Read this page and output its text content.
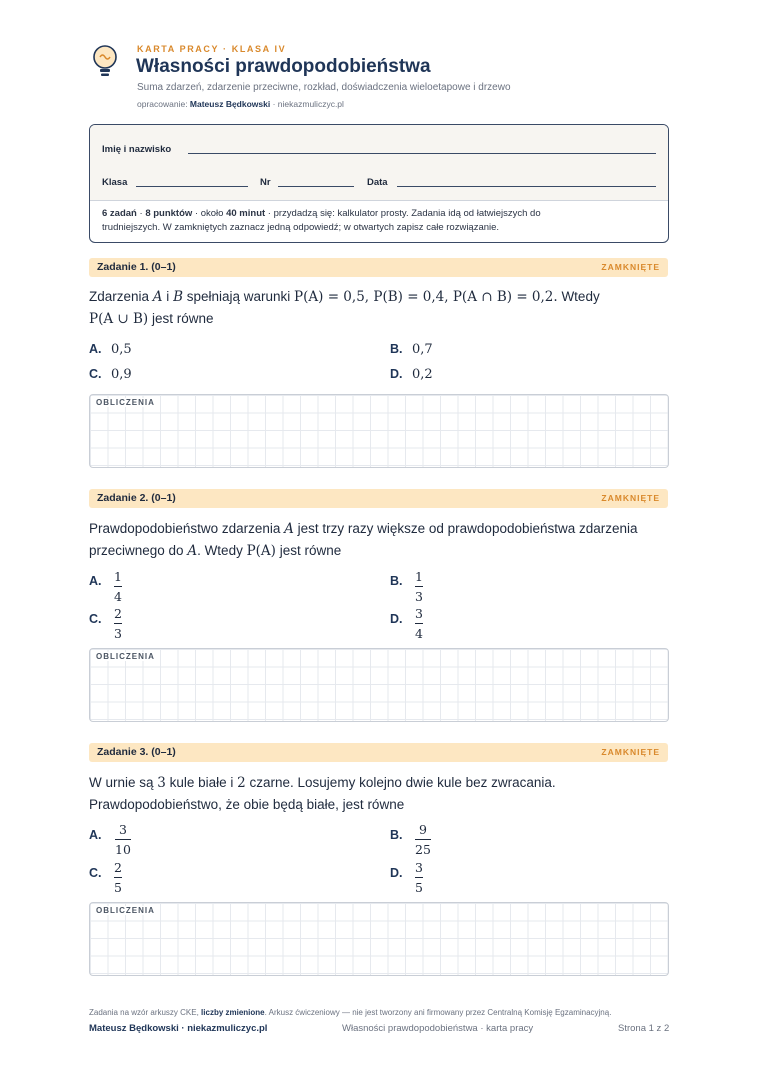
KARTA PRACY · KLASA IV
Własności prawdopodobieństwa
Suma zdarzeń, zdarzenie przeciwne, rozkład, doświadczenia wieloetapowe i drzewo
opracowanie: Mateusz Będkowski · niekazmuliczyc.pl
Imię i nazwisko
Klasa	Nr	Data
6 zadań · 8 punktów · około 40 minut · przydadzą się: kalkulator prosty. Zadania idą od łatwiejszych do
trudniejszych. W zamkniętych zaznacz jedną odpowiedź; w otwartych zapisz całe rozwiązanie.
Zadanie 1. (0–1)	ZAMKNIĘTE
Zdarzenia A i B spełniają warunki P(A) = 0,5, P(B) = 0,4, P(A ∩ B) = 0,2. Wtedy
P(A ∪ B) jest równe
A. 0,5	B. 0,7
C. 0,9	D. 0,2
OBLICZENIA
Zadanie 2. (0–1)	ZAMKNIĘTE
Prawdopodobieństwo zdarzenia A jest trzy razy większe od prawdopodobieństwa zdarzenia
przeciwnego do A. Wtedy P(A) jest równe
A.	1
4
B.	1
3
C.	2
3
D.	3
4
OBLICZENIA
Zadanie 3. (0–1)	ZAMKNIĘTE
W urnie są 3 kule białe i 2 czarne. Losujemy kolejno dwie kule bez zwracania.
Prawdopodobieństwo, że obie będą białe, jest równe
A.	3
10
B.	9
25
C.	2
5
D.	3
5
OBLICZENIA
Zadania na wzór arkuszy CKE, liczby zmienione. Arkusz ćwiczeniowy — nie jest tworzony ani firmowany przez Centralną Komisję Egzaminacyjną.
Mateusz Będkowski · niekazmuliczyc.pl	Własności prawdopodobieństwa · karta pracy	Strona 1 z 2
